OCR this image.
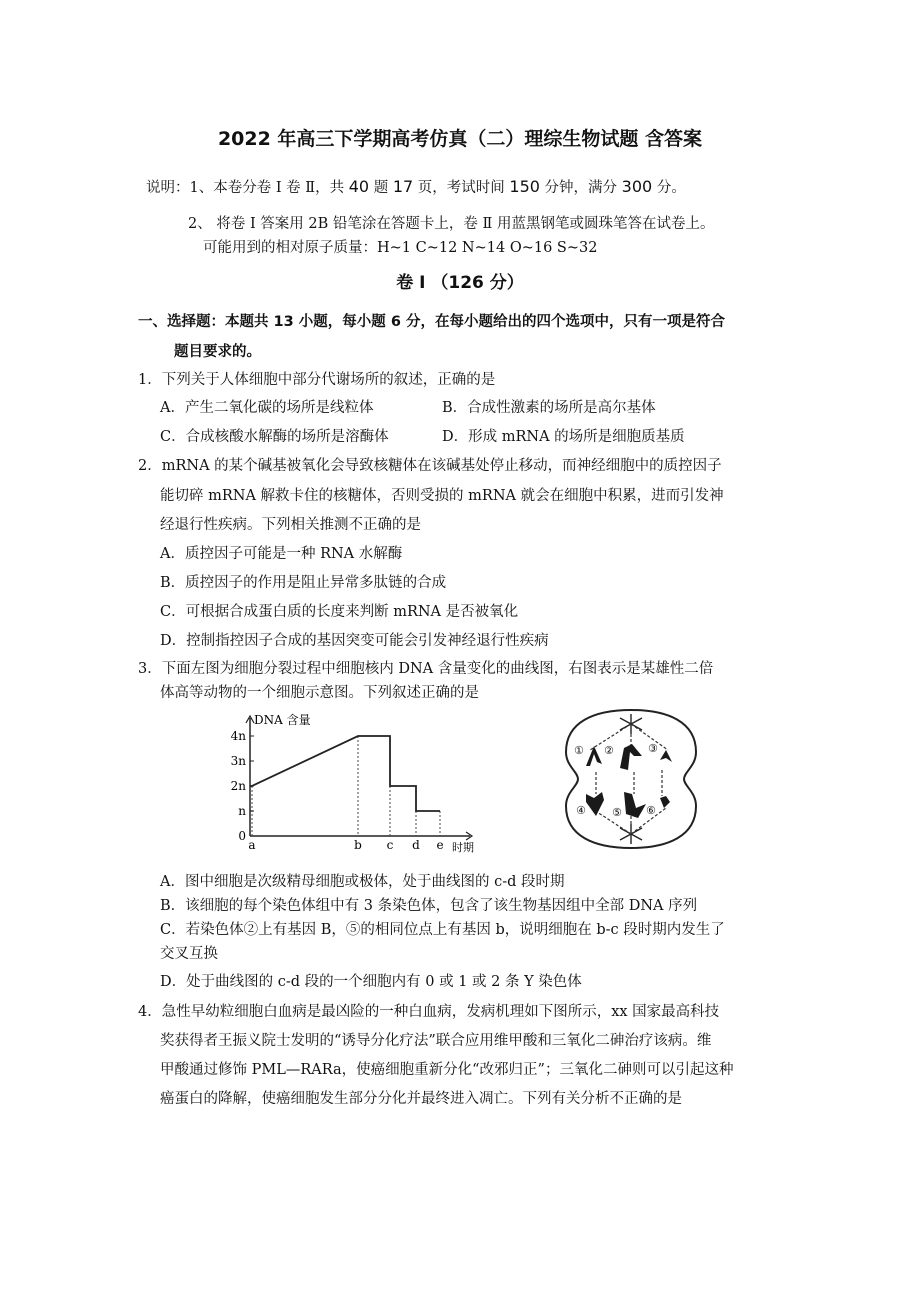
2022 年高三下学期高考仿真（二）理综生物试题 含答案
说明：1、本卷分卷 I 卷 Ⅱ，共 40 题 17 页，考试时间 150 分钟，满分 300 分。
2、 将卷 I 答案用 2B 铅笔涂在答题卡上，卷 Ⅱ 用蓝黑钢笔或圆珠笔答在试卷上。
可能用到的相对原子质量：H~1 C~12 N~14 O~16 S~32
卷 I （126 分）
一、选择题：本题共 13 小题，每小题 6 分，在每小题给出的四个选项中，只有一项是符合
题目要求的。
1．下列关于人体细胞中部分代谢场所的叙述，正确的是
A．产生二氧化碳的场所是线粒体	B．合成性激素的场所是高尔基体
C．合成核酸水解酶的场所是溶酶体	D．形成 mRNA 的场所是细胞质基质
2．mRNA 的某个碱基被氧化会导致核糖体在该碱基处停止移动，而神经细胞中的质控因子
能切碎 mRNA 解救卡住的核糖体，否则受损的 mRNA 就会在细胞中积累，进而引发神
经退行性疾病。下列相关推测不正确的是
A．质控因子可能是一种 RNA 水解酶
B．质控因子的作用是阻止异常多肽链的合成
C．可根据合成蛋白质的长度来判断 mRNA 是否被氧化
D．控制指控因子合成的基因突变可能会引发神经退行性疾病
3．下面左图为细胞分裂过程中细胞核内 DNA 含量变化的曲线图，右图表示是某雄性二倍
体高等动物的一个细胞示意图。下列叙述正确的是
DNA 含量
时期
0
n
2n
3n
4n
a	b c d e
① ②	③
④ ⑤ ⑥
A．图中细胞是次级精母细胞或极体，处于曲线图的 c-d 段时期
B．该细胞的每个染色体组中有 3 条染色体，包含了该生物基因组中全部 DNA 序列
C．若染色体②上有基因 B，⑤的相同位点上有基因 b，说明细胞在 b-c 段时期内发生了
交叉互换
D．处于曲线图的 c-d 段的一个细胞内有 0 或 1 或 2 条 Y 染色体
4．急性早幼粒细胞白血病是最凶险的一种白血病，发病机理如下图所示，xx 国家最高科技
奖获得者王振义院士发明的“诱导分化疗法”联合应用维甲酸和三氧化二砷治疗该病。维
甲酸通过修饰 PML—RARa，使癌细胞重新分化“改邪归正”；三氧化二砷则可以引起这种
癌蛋白的降解，使癌细胞发生部分分化并最终进入凋亡。下列有关分析不正确的是
